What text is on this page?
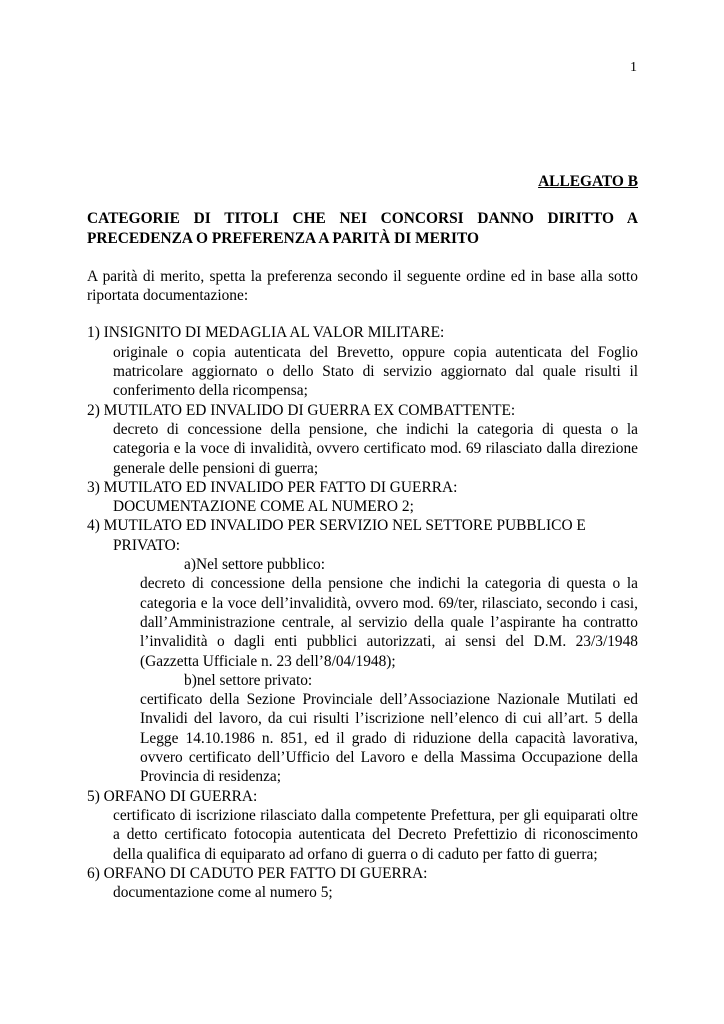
1

ALLEGATO B

CATEGORIE DI TITOLI CHE NEI CONCORSI DANNO DIRITTO A PRECEDENZA O PREFERENZA A PARITÀ DI MERITO

A parità di merito, spetta la preferenza secondo il seguente ordine ed in base alla sotto riportata documentazione:

1) INSIGNITO DI MEDAGLIA AL VALOR MILITARE:

originale o copia autenticata del Brevetto, oppure copia autenticata del Foglio matricolare aggiornato o dello Stato di servizio aggiornato dal quale risulti il conferimento della ricompensa;

2) MUTILATO ED INVALIDO DI GUERRA EX COMBATTENTE:

decreto di concessione della pensione, che indichi la categoria di questa o la categoria e la voce di invalidità, ovvero certificato mod. 69 rilasciato dalla direzione generale delle pensioni di guerra;

3) MUTILATO ED INVALIDO PER FATTO DI GUERRA:

DOCUMENTAZIONE COME AL NUMERO 2;

4) MUTILATO ED INVALIDO PER SERVIZIO NEL SETTORE PUBBLICO E

PRIVATO:

a)Nel settore pubblico:

decreto di concessione della pensione che indichi la categoria di questa o la categoria e la voce dell’invalidità, ovvero mod. 69/ter, rilasciato, secondo i casi, dall’Amministrazione centrale, al servizio della quale l’aspirante ha contratto l’invalidità o dagli enti pubblici autorizzati, ai sensi del D.M. 23/3/1948 (Gazzetta Ufficiale n. 23 dell’8/04/1948);

b)nel settore privato:

certificato della Sezione Provinciale dell’Associazione Nazionale Mutilati ed Invalidi del lavoro, da cui risulti l’iscrizione nell’elenco di cui all’art. 5 della Legge 14.10.1986 n. 851, ed il grado di riduzione della capacità lavorativa, ovvero certificato dell’Ufficio del Lavoro e della Massima Occupazione della Provincia di residenza;

5) ORFANO DI GUERRA:

certificato di iscrizione rilasciato dalla competente Prefettura, per gli equiparati oltre a detto certificato fotocopia autenticata del Decreto Prefettizio di riconoscimento della qualifica di equiparato ad orfano di guerra o di caduto per fatto di guerra;

6) ORFANO DI CADUTO PER FATTO DI GUERRA:

documentazione come al numero 5;
